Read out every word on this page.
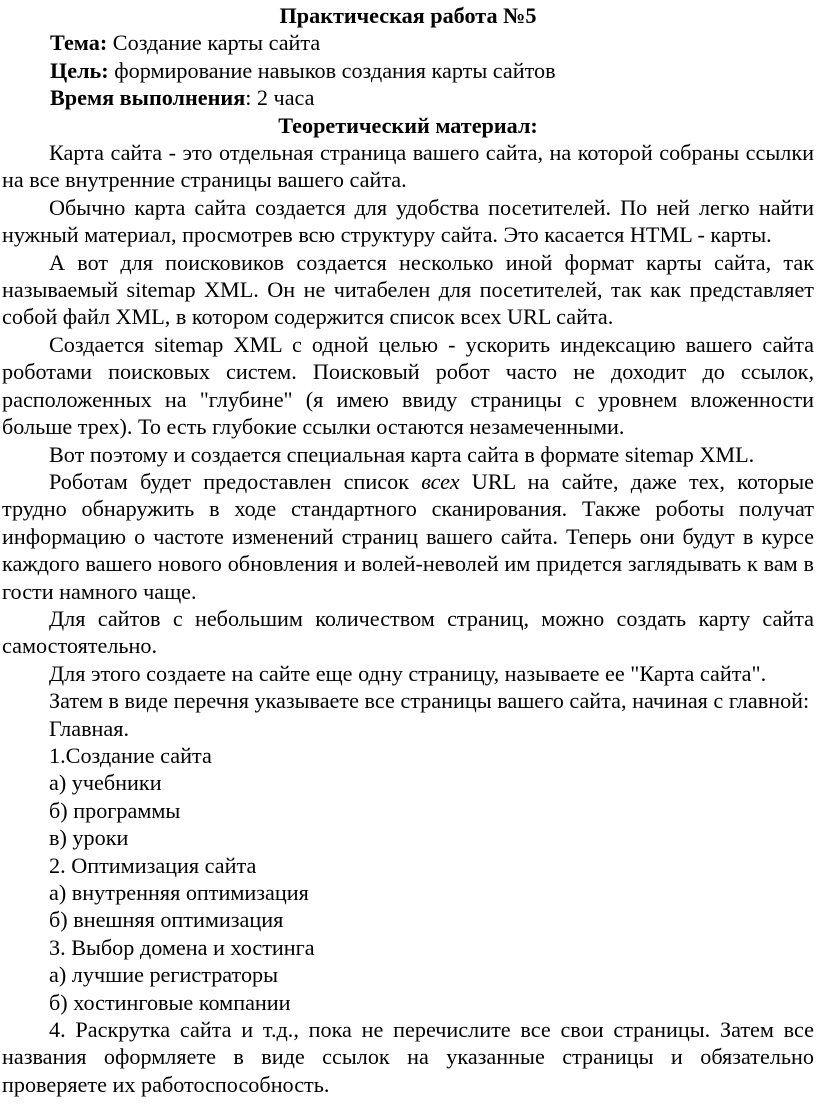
Практическая работа №5

Тема: Создание карты сайта

Цель: формирование навыков создания карты сайтов

Время выполнения: 2 часа

Теоретический материал:

Карта сайта - это отдельная страница вашего сайта, на которой собраны ссылки на все внутренние страницы вашего сайта.

Обычно карта сайта создается для удобства посетителей. По ней легко найти нужный материал, просмотрев всю структуру сайта. Это касается HTML - карты.

А вот для поисковиков создается несколько иной формат карты сайта, так называемый sitemap XML. Он не читабелен для посетителей, так как представляет собой файл XML, в котором содержится список всех URL сайта.

Создается sitemap XML с одной целью - ускорить индексацию вашего сайта роботами поисковых систем. Поисковый робот часто не доходит до ссылок, расположенных на "глубине" (я имею ввиду страницы с уровнем вложенности больше трех). То есть глубокие ссылки остаются незамеченными.

Вот поэтому и создается специальная карта сайта в формате sitemap XML.

Роботам будет предоставлен список всех URL на сайте, даже тех, которые трудно обнаружить в ходе стандартного сканирования. Также роботы получат информацию о частоте изменений страниц вашего сайта. Теперь они будут в курсе каждого вашего нового обновления и волей-неволей им придется заглядывать к вам в гости намного чаще.

Для сайтов с небольшим количеством страниц, можно создать карту сайта самостоятельно.

Для этого создаете на сайте еще одну страницу, называете ее "Карта сайта".

Затем в виде перечня указываете все страницы вашего сайта, начиная с главной:

Главная.

1.Создание сайта

а) учебники

б) программы

в) уроки

2. Оптимизация сайта

а) внутренняя оптимизация

б) внешняя оптимизация

3. Выбор домена и хостинга

а) лучшие регистраторы

б) хостинговые компании

4. Раскрутка сайта и т.д., пока не перечислите все свои страницы. Затем все названия оформляете в виде ссылок на указанные страницы и обязательно проверяете их работоспособность.
